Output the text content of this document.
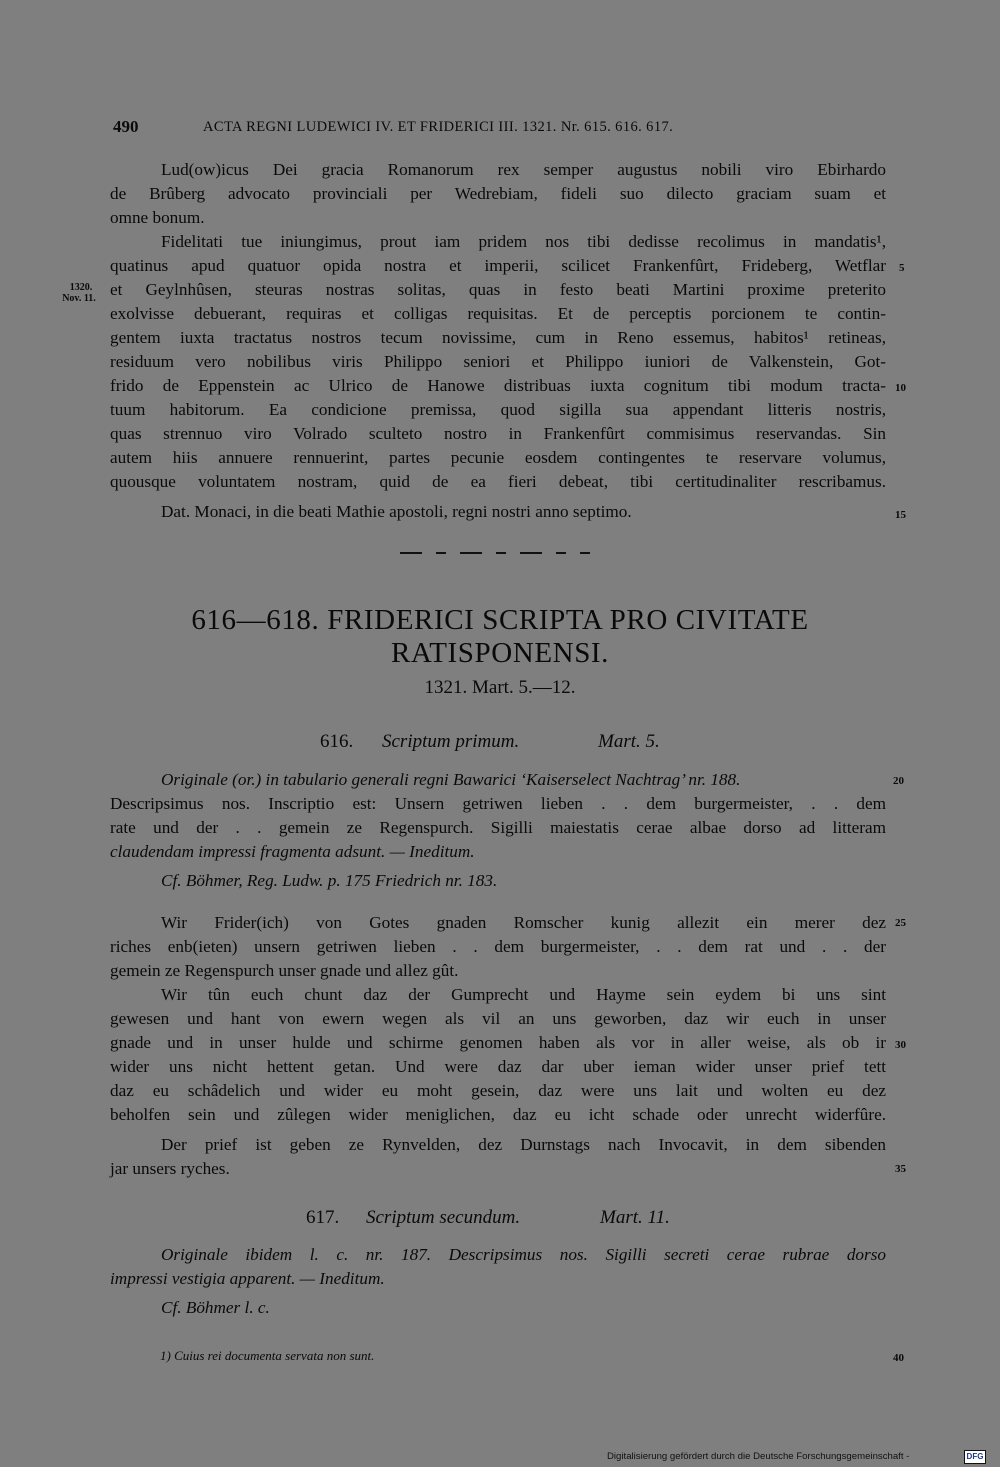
490	ACTA REGNI LUDEWICI IV. ET FRIDERICI III. 1321. Nr. 615. 616. 617.
1320.
Nov. 11.
Lud(ow)icus Dei gracia Romanorum rex semper augustus nobili viro Ebirhardo
de Brûberg advocato provinciali per Wedrebiam, fideli suo dilecto graciam suam et
omne bonum.
Fidelitati tue iniungimus, prout iam pridem nos tibi dedisse recolimus in mandatis¹,
quatinus apud quatuor opida nostra et imperii, scilicet Frankenfûrt, Frideberg, Wetflar
et Geylnhûsen, steuras nostras solitas, quas in festo beati Martini proxime preterito
exolvisse debuerant, requiras et colligas requisitas. Et de perceptis porcionem te contin-
gentem iuxta tractatus nostros tecum novissime, cum in Reno essemus, habitos¹ retineas,
residuum vero nobilibus viris Philippo seniori et Philippo iuniori de Valkenstein, Got-
frido de Eppenstein ac Ulrico de Hanowe distribuas iuxta cognitum tibi modum tracta-
tuum habitorum. Ea condicione premissa, quod sigilla sua appendant litteris nostris,
quas strennuo viro Volrado sculteto nostro in Frankenfûrt commisimus reservandas. Sin
autem hiis annuere rennuerint, partes pecunie eosdem contingentes te reservare volumus,
quousque voluntatem nostram, quid de ea fieri debeat, tibi certitudinaliter rescribamus.
Dat. Monaci, in die beati Mathie apostoli, regni nostri anno septimo.
5
10
15
616—618. FRIDERICI SCRIPTA PRO CIVITATE
RATISPONENSI.
1321. Mart. 5.—12.
616. Scriptum primum.	Mart. 5.
Originale (or.) in tabulario generali regni Bawarici ‘Kaiserselect Nachtrag’ nr. 188.
Descripsimus nos. Inscriptio est: Unsern getriwen lieben . . dem burgermeister, . . dem
rate und der . . gemein ze Regenspurch. Sigilli maiestatis cerae albae dorso ad litteram
claudendam impressi fragmenta adsunt. — Ineditum.
Cf. Böhmer, Reg. Ludw. p. 175 Friedrich nr. 183.
20
Wir Frider(ich) von Gotes gnaden Romscher kunig allezit ein merer dez
riches enb(ieten) unsern getriwen lieben . . dem burgermeister, . . dem rat und . . der
gemein ze Regenspurch unser gnade und allez gût.
Wir tûn euch chunt daz der Gumprecht und Hayme sein eydem bi uns sint
gewesen und hant von ewern wegen als vil an uns geworben, daz wir euch in unser
gnade und in unser hulde und schirme genomen haben als vor in aller weise, als ob ir
wider uns nicht hettent getan. Und were daz dar uber ieman wider unser prief tett
daz eu schâdelich und wider eu moht gesein, daz were uns lait und wolten eu dez
beholfen sein und zûlegen wider meniglichen, daz eu icht schade oder unrecht widerfûre.
Der prief ist geben ze Rynvelden, dez Durnstags nach Invocavit, in dem sibenden
jar unsers ryches.
25
30
35
617. Scriptum secundum.	Mart. 11.
Originale ibidem l. c. nr. 187. Descripsimus nos. Sigilli secreti cerae rubrae dorso
impressi vestigia apparent. — Ineditum.
Cf. Böhmer l. c.
1) Cuius rei documenta servata non sunt.	40
Digitalisierung gefördert durch die Deutsche Forschungsgemeinschaft -	DFG
